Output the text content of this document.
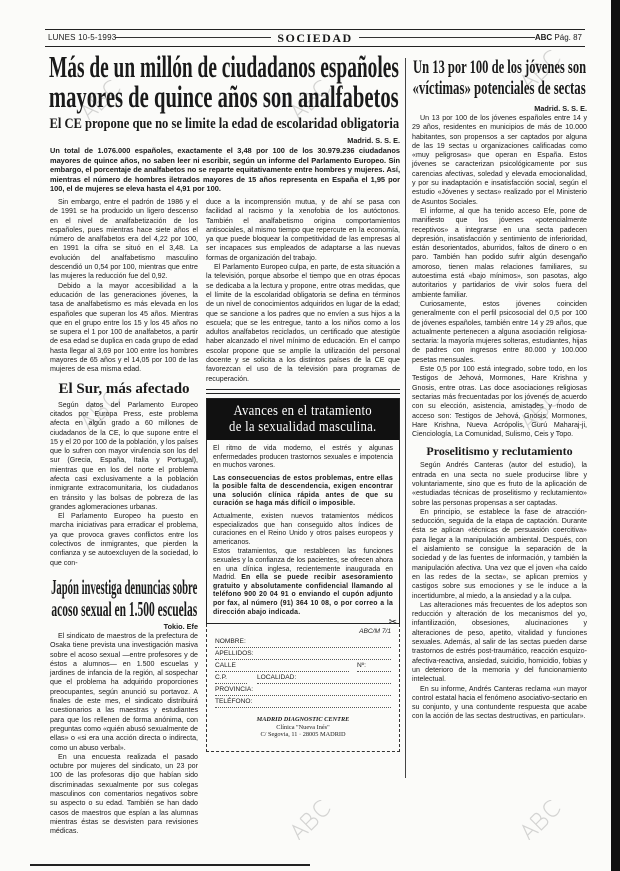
LUNES 10-5-1993	SOCIEDAD	ABC Pág. 87
Más de un millón de ciudadanos españoles
mayores de quince años son analfabetos
El CE propone que no se limite la edad de escolaridad obligatoria
Madrid. S. S. E.
Un total de 1.076.000 españoles, exactamente el 3,48 por 100 de los 30.979.236 ciudadanos mayores de quince años, no saben leer ni escribir, según un informe del Parlamento Europeo. Sin embargo, el porcentaje de analfabetos no se reparte equitativamente entre hombres y mujeres. Así, mientras el número de hombres iletrados mayores de 15 años representa en España el 1,95 por 100, el de mujeres se eleva hasta el 4,91 por 100.

Sin embargo, entre el padrón de 1986 y el de 1991 se ha producido un ligero descenso en el nivel de analfabetización de los españoles, pues mientras hace siete años el número de analfabetos era del 4,22 por 100, en 1991 la cifra se situó en el 3,48. La evolución del analfabetismo masculino descendió un 0,54 por 100, mientras que entre las mujeres la reducción fue del 0,92.

Debido a la mayor accesibilidad a la educación de las generaciones jóvenes, la tasa de analfabetismo es más elevada en los españoles que superan los 45 años. Mientras que en el grupo entre los 15 y los 45 años no se supera el 1 por 100 de analfabetos, a partir de esa edad se duplica en cada grupo de edad hasta llegar al 3,69 por 100 entre los hombres mayores de 65 años y el 14,05 por 100 de las mujeres de esa misma edad.

El Sur, más afectado

Según datos del Parlamento Europeo citados por Europa Press, este problema afecta en algún grado a 60 millones de ciudadanos de la CE, lo que supone entre el 15 y el 20 por 100 de la población, y los países que lo sufren con mayor virulencia son los del sur (Grecia, España, Italia y Portugal), mientras que en los del norte el problema afecta casi exclusivamente a la población inmigrante extracomunitaria, los ciudadanos en tránsito y las bolsas de pobreza de las grandes aglomeraciones urbanas.

El Parlamento Europeo ha puesto en marcha iniciativas para erradicar el problema, ya que provoca graves conflictos entre los colectivos de inmigrantes, que pierden la confianza y se autoexcluyen de la sociedad, lo que con-

Japón investiga denuncias sobre
acoso sexual en 1.500 escuelas
Tokio. Efe

El sindicato de maestros de la prefectura de Osaka tiene prevista una investigación masiva sobre el acoso sexual —entre profesores y de éstos a alumnos— en 1.500 escuelas y jardines de infancia de la región, al sospechar que el problema ha adquirido proporciones preocupantes, según anunció su portavoz. A finales de este mes, el sindicato distribuirá cuestionarios a las maestras y estudiantes para que los rellenen de forma anónima, con preguntas como «quién abusó sexualmente de ellas» o «si era una acción directa o indirecta, como un abuso verbal».

En una encuesta realizada el pasado octubre por mujeres del sindicato, un 23 por 100 de las profesoras dijo que habían sido discriminadas sexualmente por sus colegas masculinos con comentarios negativos sobre su aspecto o su edad. También se han dado casos de maestros que espían a las alumnas mientras éstas se desvisten para revisiones médicas.

duce a la incomprensión mutua, y de ahí se pasa con facilidad al racismo y la xenofobia de los autóctonos. También el analfabetismo origina comportamientos antisociales, al mismo tiempo que repercute en la economía, ya que puede bloquear la competitividad de las empresas al ser incapaces sus empleados de adaptarse a las nuevas formas de organización del trabajo.

El Parlamento Europeo culpa, en parte, de esta situación a la televisión, porque absorbe el tiempo que en otras épocas se dedicaba a la lectura y propone, entre otras medidas, que el límite de la escolaridad obligatoria se defina en términos de un nivel de conocimientos adquiridos en lugar de la edad; que se sancione a los padres que no envíen a sus hijos a la escuela; que se les entregue, tanto a los niños como a los adultos analfabetos reciclados, un certificado que atestigüe haber alcanzado el nivel mínimo de educación. En el campo escolar propone que se amplíe la utilización del personal docente y se solicita a los distintos países de la CE que favorezcan el uso de la televisión para programas de recuperación.

Avances en el tratamiento
de la sexualidad masculina.

El ritmo de vida moderno, el estrés y algunas enfermedades producen trastornos sexuales e impotencia en muchos varones.

Las consecuencias de estos problemas, entre ellas la posible falta de descendencia, exigen encontrar una solución clínica rápida antes de que su curación se haga más difícil o imposible.

Actualmente, existen nuevos tratamientos médicos especializados que han conseguido altos índices de curaciones en el Reino Unido y otros países europeos y americanos.

Estos tratamientos, que restablecen las funciones sexuales y la confianza de los pacientes, se ofrecen ahora en una clínica inglesa, recientemente inaugurada en Madrid. En ella se puede recibir asesoramiento gratuito y absolutamente confidencial llamando al teléfono 900 20 04 91 o enviando el cupón adjunto por fax, al número (91) 364 10 08, o por correo a la dirección abajo indicada.

✂
ABC/M 7/1
NOMBRE:
APELLIDOS:
CALLE	Nº:
C.P.	LOCALIDAD:
PROVINCIA:
TELÉFONO:
MADRID DIAGNOSTIC CENTRE
Clínica "Nueva Inés"
C/ Segovia, 11 · 28005 MADRID
Un 13 por 100 de los jóvenes son
«víctimas» potenciales de sectas
Madrid. S. S. E.

Un 13 por 100 de los jóvenes españoles entre 14 y 29 años, residentes en municipios de más de 10.000 habitantes, son propensos a ser captados por alguna de las 19 sectas u organizaciones calificadas como «muy peligrosas» que operan en España. Estos jóvenes se caracterizan psicológicamente por sus carencias afectivas, soledad y elevada emocionalidad, y por su inadaptación e insatisfacción social, según el estudio «Jóvenes y sectas» realizado por el Ministerio de Asuntos Sociales.

El informe, al que ha tenido acceso Efe, pone de manifiesto que los jóvenes «potencialmente receptivos» a integrarse en una secta padecen depresión, insatisfacción y sentimiento de inferioridad, están desorientados, aburridos, faltos de dinero o en paro. También han podido sufrir algún desengaño amoroso, tienen malas relaciones familiares, su autoestima está «bajo mínimos», son pasotas, algo autoritarios y partidarios de vivir solos fuera del ambiente familiar.

Curiosamente, estos jóvenes coinciden generalmente con el perfil psicosocial del 0,5 por 100 de jóvenes españoles, también entre 14 y 29 años, que actualmente pertenecen a alguna asociación religiosa-sectaria: la mayoría mujeres solteras, estudiantes, hijas de padres con ingresos entre 80.000 y 100.000 pesetas mensuales.

Este 0,5 por 100 está integrado, sobre todo, en los Testigos de Jehová, Mormones, Hare Krishna y Gnosis, entre otras. Las doce asociaciones religiosas sectarias más frecuentadas por los jóvenes de acuerdo con su elección, asistencia, amistades y modo de acceso son: Testigos de Jehová, Gnosis, Mormones, Hare Krishna, Nueva Acrópolis, Gurú Maharaj-ji, Cienciología, La Comunidad, Sulismo, Ceis y Topo.

Proselitismo y reclutamiento

Según Andrés Canteras (autor del estudio), la entrada en una secta no suele producirse libre y voluntariamente, sino que es fruto de la aplicación de «estudiadas técnicas de proselitismo y reclutamiento» sobre las personas propensas a ser captadas.

En principio, se establece la fase de atracción-seducción, seguida de la etapa de captación. Durante ésta se aplican «técnicas de persuasión coercitiva» para llegar a la manipulación ambiental. Después, con el aislamiento se consigue la separación de la sociedad y de las fuentes de información, y también la manipulación afectiva. Una vez que el joven «ha caído en las redes de la secta», se aplican premios y castigos sobre sus emociones y se le induce a la incertidumbre, al miedo, a la ansiedad y a la culpa.

Las alteraciones más frecuentes de los adeptos son reducción y alteración de los mecanismos del yo, infantilización, obsesiones, alucinaciones y alteraciones de peso, apetito, vitalidad y funciones sexuales. Además, al salir de las sectas pueden darse trastornos de estrés post-traumático, reacción esquizo-afectiva-reactiva, ansiedad, suicidio, homicidio, fobias y un deterioro de la memoria y del funcionamiento intelectual.

En su informe, Andrés Canteras reclama «un mayor control estatal hacia el fenómeno asociativo-sectario en su conjunto, y una contundente respuesta que acabe con la acción de las sectas destructivas, en particular».
